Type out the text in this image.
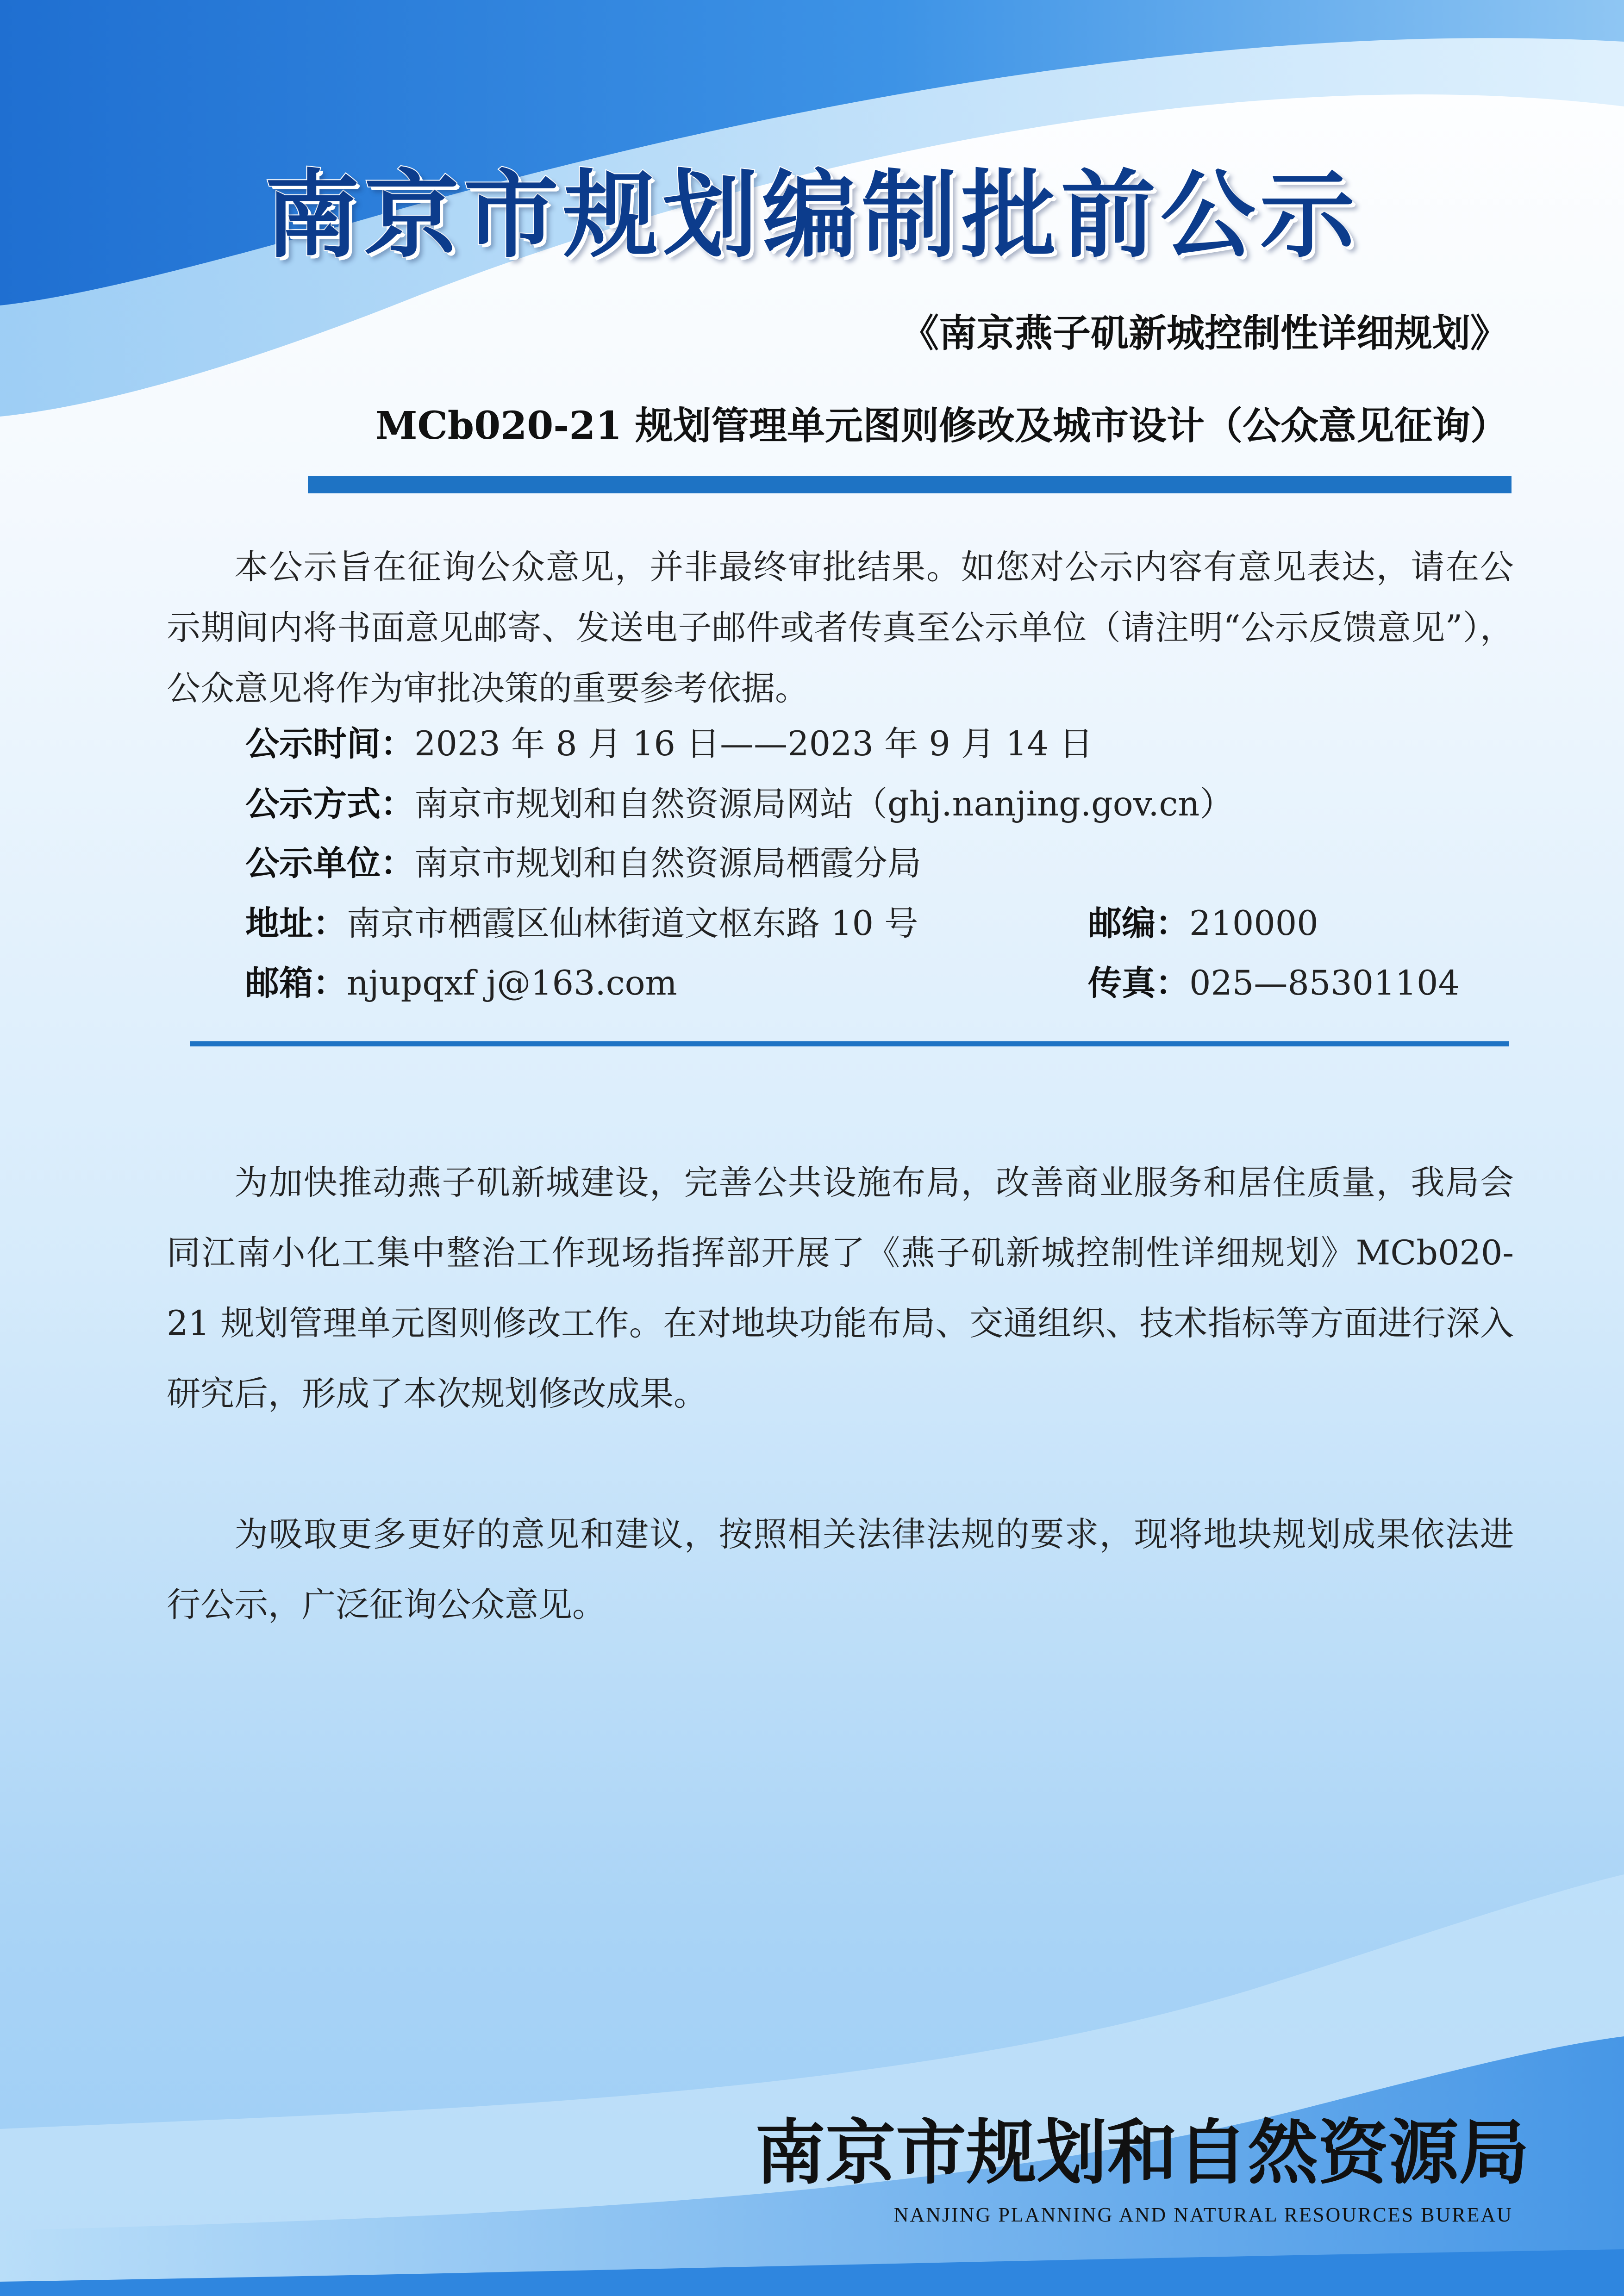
南京市规划编制批前公示
《南京燕子矶新城控制性详细规划》
MCb020-21 规划管理单元图则修改及城市设计（公众意见征询）

本公示旨在征询公众意见，并非最终审批结果。如您对公示内容有意见表达，请在公示期间内将书面意见邮寄、发送电子邮件或者传真至公示单位（请注明“公示反馈意见”），公众意见将作为审批决策的重要参考依据。

公示时间：2023 年 8 月 16 日——2023 年 9 月 14 日
公示方式：南京市规划和自然资源局网站（ghj.nanjing.gov.cn）
公示单位：南京市规划和自然资源局栖霞分局
地址：南京市栖霞区仙林街道文枢东路 10 号	邮编：210000
邮箱：njupqxf j@163.com	传真：025—85301104

为加快推动燕子矶新城建设，完善公共设施布局，改善商业服务和居住质量，我局会同江南小化工集中整治工作现场指挥部开展了《燕子矶新城控制性详细规划》MCb020-21 规划管理单元图则修改工作。在对地块功能布局、交通组织、技术指标等方面进行深入研究后，形成了本次规划修改成果。

为吸取更多更好的意见和建议，按照相关法律法规的要求，现将地块规划成果依法进行公示，广泛征询公众意见。

南京市规划和自然资源局
NANJING PLANNING AND NATURAL RESOURCES BUREAU
